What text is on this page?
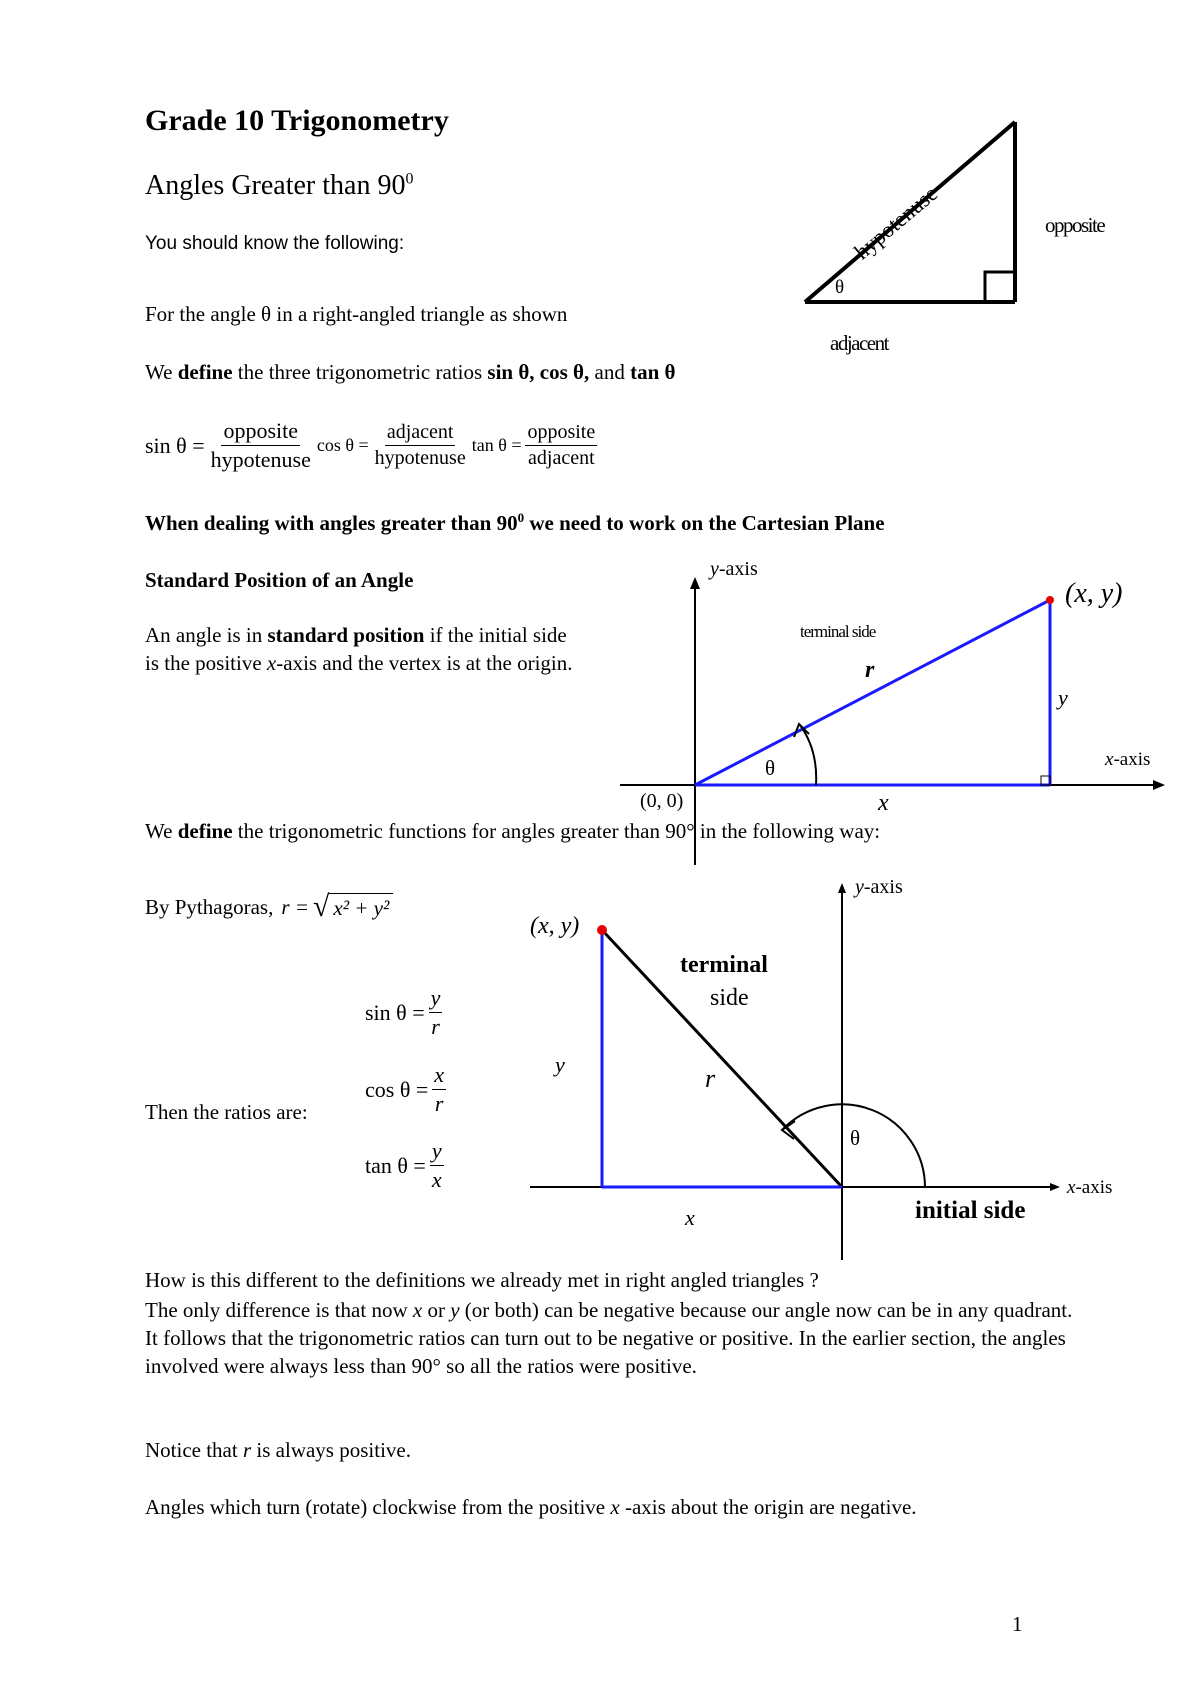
Grade 10 Trigonometry
Angles Greater than $90^0$
You should know the following:
For the angle θ in a right-angled triangle as shown
We define the three trigonometric ratios sin θ, cos θ, and tan θ
hypotenuse	opposite
adjacent
θ
$\sin \theta = \frac{\text{opposite}}{\text{hypotenuse}}$ $\cos \theta = \frac{\text{adjacent}}{\text{hypotenuse}}$ $\tan \theta = \frac{\text{opposite}}{\text{adjacent}}$
When dealing with angles greater than $90^0$ we need to work on the Cartesian Plane
Standard Position of an Angle
An angle is in standard position if the initial side
is the positive x-axis and the vertex is at the origin.
y-axis
x-axis
(x, y)
terminal side
r
y
θ
x
(0, 0)
We define the trigonometric functions for angles greater than 90° in the following way:
By Pythagoras, r = √ x² + y²
Then the ratios are:
$\sin \theta = \frac{y}{r}$
$\cos \theta = \frac{x}{r}$
$\tan \theta = \frac{y}{x}$
y-axis
x-axis
(x, y)
terminal
side
r
y
x
θ
initial side
How is this different to the definitions we already met in right angled triangles ?
The only difference is that now x or y (or both) can be negative because our angle now can be in any quadrant. It follows that the trigonometric ratios can turn out to be negative or positive. In the earlier section, the angles involved were always less than 90° so all the ratios were positive.
Notice that r is always positive.
Angles which turn (rotate) clockwise from the positive x -axis about the origin are negative.
1
